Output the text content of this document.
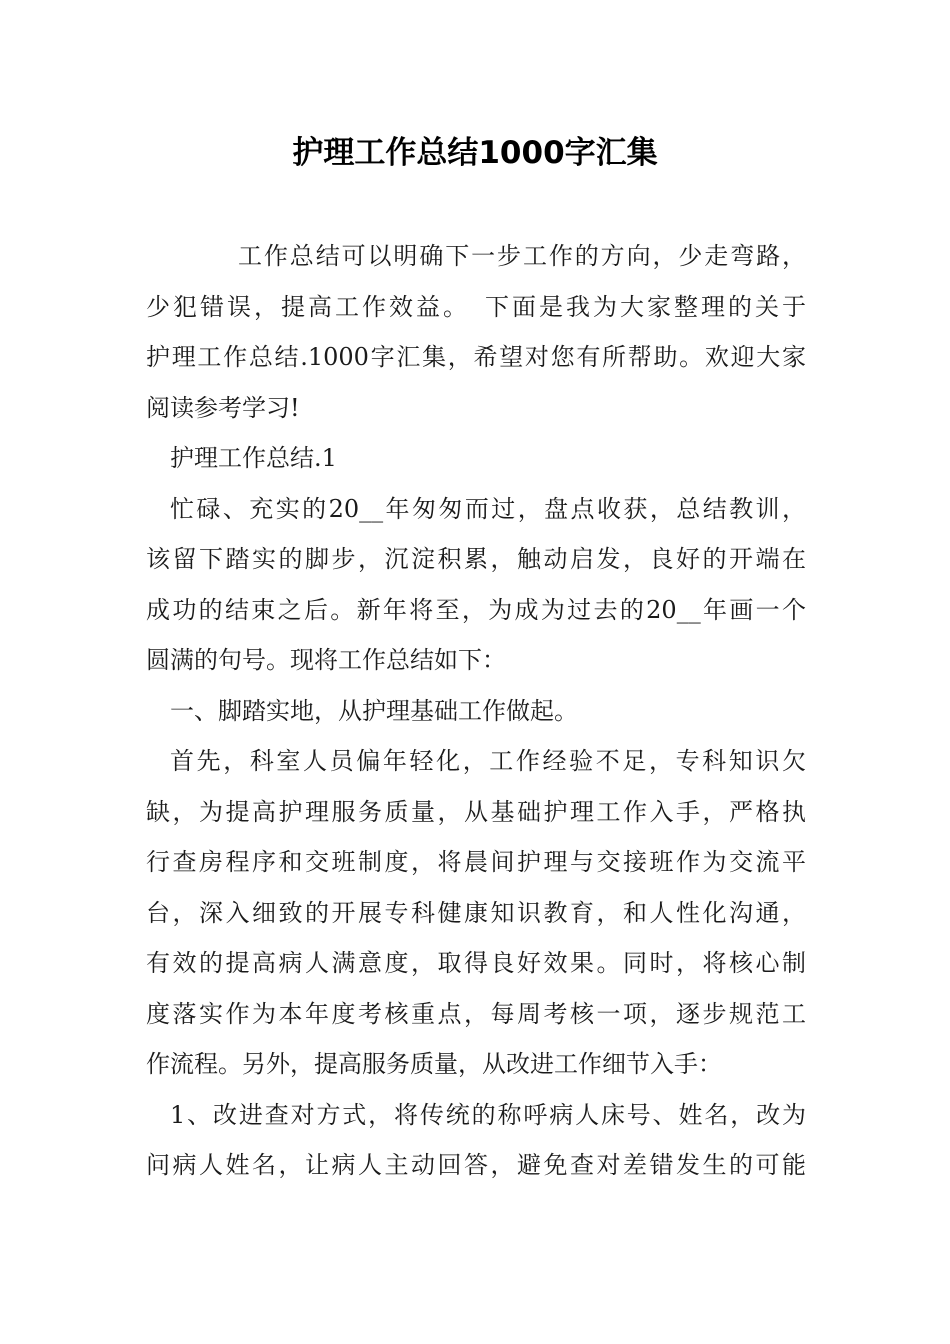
护理工作总结1000字汇集
工作总结可以明确下一步工作的方向，少走弯路，
少犯错误，提高工作效益。　下面是我为大家整理的关于
护理工作总结.1000字汇集，希望对您有所帮助。欢迎大家
阅读参考学习!
护理工作总结.1
忙碌、充实的20__年匆匆而过，盘点收获，总结教训，
该留下踏实的脚步，沉淀积累，触动启发，良好的开端在
成功的结束之后。新年将至，为成为过去的20__年画一个
圆满的句号。现将工作总结如下：
一、脚踏实地，从护理基础工作做起。
首先，科室人员偏年轻化，工作经验不足，专科知识欠
缺，为提高护理服务质量，从基础护理工作入手，严格执
行查房程序和交班制度，将晨间护理与交接班作为交流平
台，深入细致的开展专科健康知识教育，和人性化沟通，
有效的提高病人满意度，取得良好效果。同时，将核心制
度落实作为本年度考核重点，每周考核一项，逐步规范工
作流程。另外，提高服务质量，从改进工作细节入手：
1、改进查对方式，将传统的称呼病人床号、姓名，改为
问病人姓名，让病人主动回答，避免查对差错发生的可能
